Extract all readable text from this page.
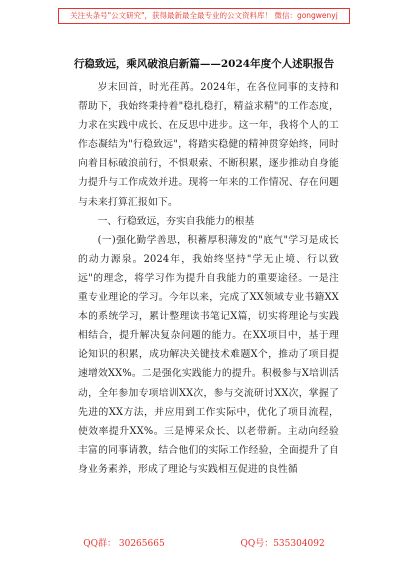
关注头条号"公文研究"，获得最新最全最专业的公文资料库！ 微信：gongwenyj
行稳致远，乘风破浪启新篇——2024年度个人述职报告

岁末回首，时光荏苒。2024年，在各位同事的支持和帮助下，我始终秉持着"稳扎稳打，精益求精"的工作态度，力求在实践中成长、在反思中进步。这一年，我将个人的工作态凝结为"行稳致远"，将踏实稳健的精神贯穿始终，同时向着目标破浪前行，不惧艰索、不断积累，逐步推动自身能力提升与工作成效并进。现将一年来的工作情况、存在问题与未来打算汇报如下。

一、行稳致远，夯实自我能力的根基

(一)强化勤学善思，积蓄厚积薄发的"底气"学习是成长的动力源泉。2024年，我始终坚持"学无止境、行以致远"的理念，将学习作为提升自我能力的重要途径。一是注重专业理论的学习。今年以来，完成了XX领域专业书籍XX本的系统学习，累计整理读书笔记X篇，切实将理论与实践相结合，提升解决复杂问题的能力。在XX项目中，基于理论知识的积累，成功解决关键技术难题X个，推动了项目提速增效XX%。二是强化实践能力的提升。积极参与X培训活动，全年参加专项培训XX次，参与交流研讨XX次，掌握了先进的XX方法，并应用到工作实际中，优化了项目流程，使效率提升XX%。三是博采众长、以老带新。主动向经验丰富的同事请教，结合他们的实际工作经验，全面提升了自身业务素养，形成了理论与实践相互促进的良性循

QQ群： 30265665	QQ号：535304092
